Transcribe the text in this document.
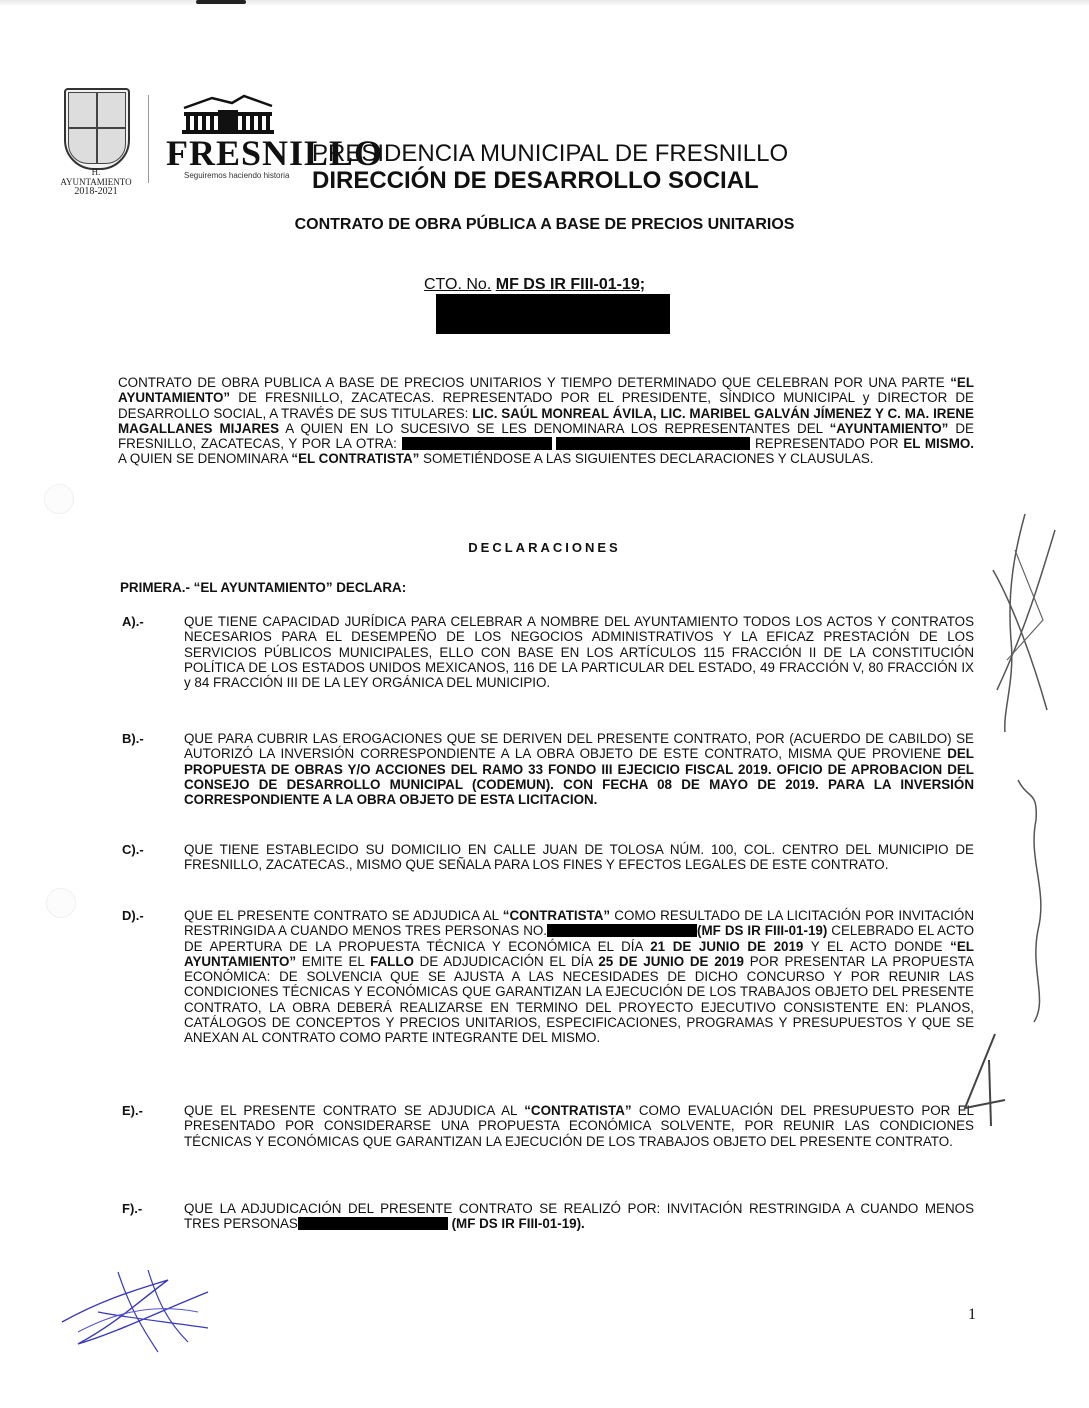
H. AYUNTAMIENTO
2018-2021
FRESNILLO
Seguiremos haciendo historia
PRESIDENCIA MUNICIPAL DE FRESNILLO
DIRECCIÓN DE DESARROLLO SOCIAL
CONTRATO DE OBRA PÚBLICA A BASE DE PRECIOS UNITARIOS
CTO. No. MF DS IR FIII-01-19;
CONTRATO DE OBRA PUBLICA A BASE DE PRECIOS UNITARIOS Y TIEMPO DETERMINADO QUE CELEBRAN POR UNA PARTE “EL AYUNTAMIENTO” DE FRESNILLO, ZACATECAS. REPRESENTADO POR EL PRESIDENTE, SÍNDICO MUNICIPAL y DIRECTOR DE DESARROLLO SOCIAL, A TRAVÉS DE SUS TITULARES: LIC. SAÚL MONREAL ÁVILA, LIC. MARIBEL GALVÁN JÍMENEZ Y C. MA. IRENE MAGALLANES MIJARES A QUIEN EN LO SUCESIVO SE LES DENOMINARA LOS REPRESENTANTES DEL “AYUNTAMIENTO” DE FRESNILLO, ZACATECAS, Y POR LA OTRA:	REPRESENTADO POR EL MISMO. A QUIEN SE DENOMINARA “EL CONTRATISTA” SOMETIÉNDOSE A LAS SIGUIENTES DECLARACIONES Y CLAUSULAS.
DECLARACIONES
PRIMERA.- “EL AYUNTAMIENTO” DECLARA:
A).-	QUE TIENE CAPACIDAD JURÍDICA PARA CELEBRAR A NOMBRE DEL AYUNTAMIENTO TODOS LOS ACTOS Y CONTRATOS NECESARIOS PARA EL DESEMPEÑO DE LOS NEGOCIOS ADMINISTRATIVOS Y LA EFICAZ PRESTACIÓN DE LOS SERVICIOS PÚBLICOS MUNICIPALES, ELLO CON BASE EN LOS ARTÍCULOS 115 FRACCIÓN II DE LA CONSTITUCIÓN POLÍTICA DE LOS ESTADOS UNIDOS MEXICANOS, 116 DE LA PARTICULAR DEL ESTADO, 49 FRACCIÓN V, 80 FRACCIÓN IX y 84 FRACCIÓN III DE LA LEY ORGÁNICA DEL MUNICIPIO.
B).-	QUE PARA CUBRIR LAS EROGACIONES QUE SE DERIVEN DEL PRESENTE CONTRATO, POR (ACUERDO DE CABILDO) SE AUTORIZÓ LA INVERSIÓN CORRESPONDIENTE A LA OBRA OBJETO DE ESTE CONTRATO, MISMA QUE PROVIENE DEL PROPUESTA DE OBRAS Y/O ACCIONES DEL RAMO 33 FONDO III EJECICIO FISCAL 2019. OFICIO DE APROBACION DEL CONSEJO DE DESARROLLO MUNICIPAL (CODEMUN). CON FECHA 08 DE MAYO DE 2019. PARA LA INVERSIÓN CORRESPONDIENTE A LA OBRA OBJETO DE ESTA LICITACION.
C).-	QUE TIENE ESTABLECIDO SU DOMICILIO EN CALLE JUAN DE TOLOSA NÚM. 100, COL. CENTRO DEL MUNICIPIO DE FRESNILLO, ZACATECAS., MISMO QUE SEÑALA PARA LOS FINES Y EFECTOS LEGALES DE ESTE CONTRATO.
D).-	QUE EL PRESENTE CONTRATO SE ADJUDICA AL “CONTRATISTA” COMO RESULTADO DE LA LICITACIÓN POR INVITACIÓN RESTRINGIDA A CUANDO MENOS TRES PERSONAS NO.	(MF DS IR FIII-01-19) CELEBRADO EL ACTO DE APERTURA DE LA PROPUESTA TÉCNICA Y ECONÓMICA EL DÍA 21 DE JUNIO DE 2019 Y EL ACTO DONDE “EL AYUNTAMIENTO” EMITE EL FALLO DE ADJUDICACIÓN EL DÍA 25 DE JUNIO DE 2019 POR PRESENTAR LA PROPUESTA ECONÓMICA: DE SOLVENCIA QUE SE AJUSTA A LAS NECESIDADES DE DICHO CONCURSO Y POR REUNIR LAS CONDICIONES TÉCNICAS Y ECONÓMICAS QUE GARANTIZAN LA EJECUCIÓN DE LOS TRABAJOS OBJETO DEL PRESENTE CONTRATO, LA OBRA DEBERÁ REALIZARSE EN TERMINO DEL PROYECTO EJECUTIVO CONSISTENTE EN: PLANOS, CATÁLOGOS DE CONCEPTOS Y PRECIOS UNITARIOS, ESPECIFICACIONES, PROGRAMAS Y PRESUPUESTOS Y QUE SE ANEXAN AL CONTRATO COMO PARTE INTEGRANTE DEL MISMO.
E).-	QUE EL PRESENTE CONTRATO SE ADJUDICA AL “CONTRATISTA” COMO EVALUACIÓN DEL PRESUPUESTO POR EL PRESENTADO POR CONSIDERARSE UNA PROPUESTA ECONÓMICA SOLVENTE, POR REUNIR LAS CONDICIONES TÉCNICAS Y ECONÓMICAS QUE GARANTIZAN LA EJECUCIÓN DE LOS TRABAJOS OBJETO DEL PRESENTE CONTRATO.
F).-	QUE LA ADJUDICACIÓN DEL PRESENTE CONTRATO SE REALIZÓ POR: INVITACIÓN RESTRINGIDA A CUANDO MENOS TRES PERSONAS	(MF DS IR FIII-01-19).
1
